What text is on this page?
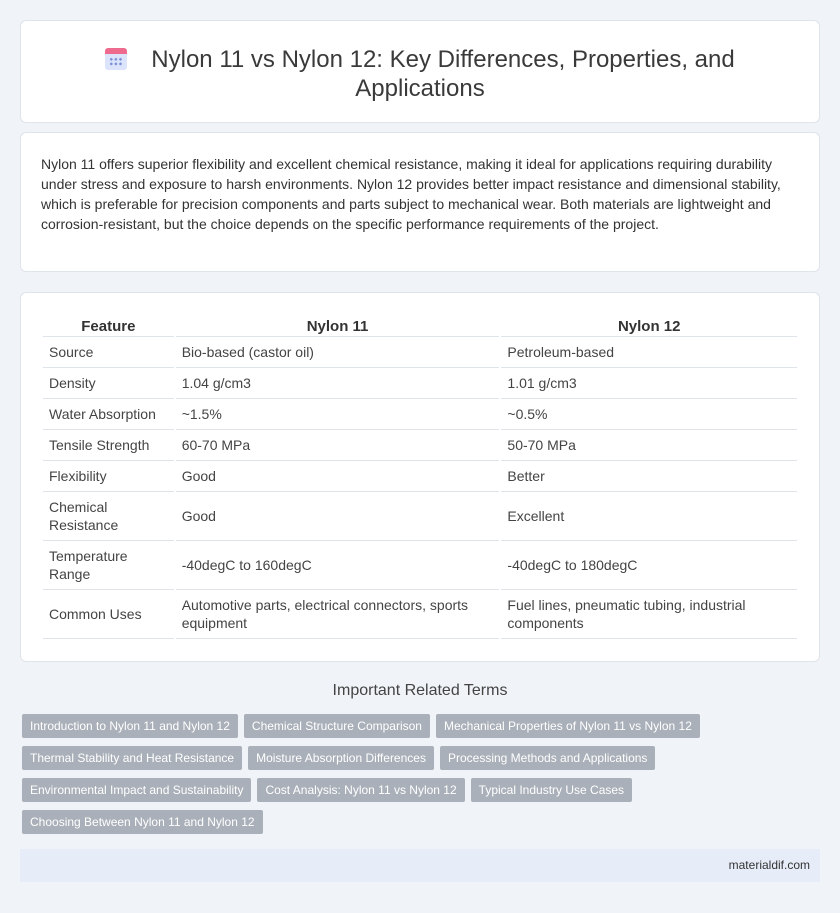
Nylon 11 vs Nylon 12: Key Differences, Properties, and Applications

Nylon 11 offers superior flexibility and excellent chemical resistance, making it ideal for applications requiring durability under stress and exposure to harsh environments. Nylon 12 provides better impact resistance and dimensional stability, which is preferable for precision components and parts subject to mechanical wear. Both materials are lightweight and corrosion-resistant, but the choice depends on the specific performance requirements of the project.

Feature	Nylon 11	Nylon 12
Source	Bio-based (castor oil)	Petroleum-based
Density	1.04 g/cm3	1.01 g/cm3
Water Absorption	~1.5%	~0.5%
Tensile Strength	60-70 MPa	50-70 MPa
Flexibility	Good	Better
Chemical Resistance	Good	Excellent
Temperature Range	-40degC to 160degC	-40degC to 180degC
Common Uses	Automotive parts, electrical connectors, sports equipment	Fuel lines, pneumatic tubing, industrial components
Important Related Terms
Introduction to Nylon 11 and Nylon 12	Chemical Structure Comparison	Mechanical Properties of Nylon 11 vs Nylon 12
Thermal Stability and Heat Resistance	Moisture Absorption Differences	Processing Methods and Applications
Environmental Impact and Sustainability	Cost Analysis: Nylon 11 vs Nylon 12	Typical Industry Use Cases
Choosing Between Nylon 11 and Nylon 12
materialdif.com
